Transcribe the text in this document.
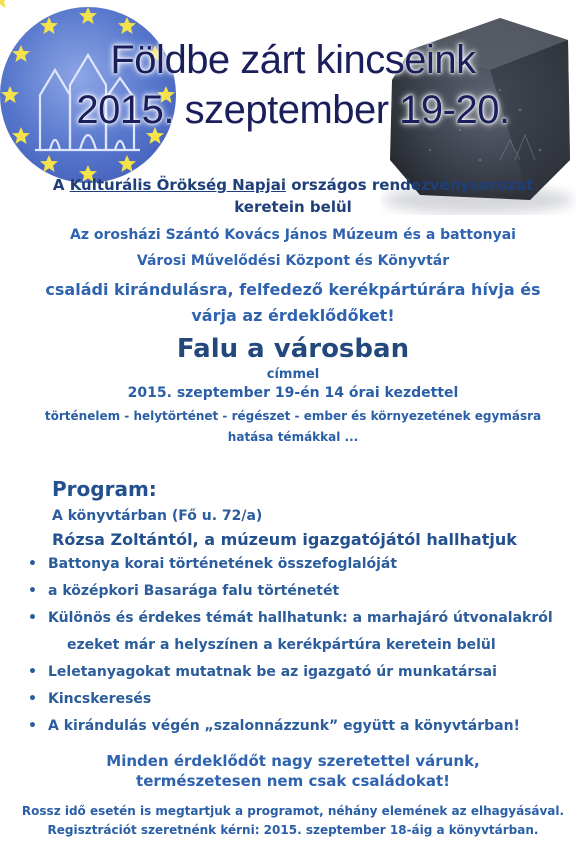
Földbe zárt kincseink
2015. szeptember 19-20.
A Kulturális Örökség Napjai országos rendezvénysorozat
keretein belül
Az orosházi Szántó Kovács János Múzeum és a battonyai
Városi Művelődési Központ és Könyvtár
családi kirándulásra, felfedező kerékpártúrára hívja és
várja az érdeklődőket!
Falu a városban
címmel
2015. szeptember 19-én 14 órai kezdettel
történelem - helytörténet - régészet - ember és környezetének egymásra
hatása témákkal ...
Program:
A könyvtárban (Fő u. 72/a)
Rózsa Zoltántól, a múzeum igazgatójától hallhatjuk
• Battonya korai történetének összefoglalóját
• a középkori Basarága falu történetét
• Különös és érdekes témát hallhatunk: a marhajáró útvonalakról
ezeket már a helyszínen a kerékpártúra keretein belül
• Leletanyagokat mutatnak be az igazgató úr munkatársai
• Kincskeresés
• A kirándulás végén „szalonnázzunk” együtt a könyvtárban!
Minden érdeklődőt nagy szeretettel várunk,
természetesen nem csak családokat!
Rossz idő esetén is megtartjuk a programot, néhány elemének az elhagyásával.
Regisztrációt szeretnénk kérni: 2015. szeptember 18-áig a könyvtárban.
